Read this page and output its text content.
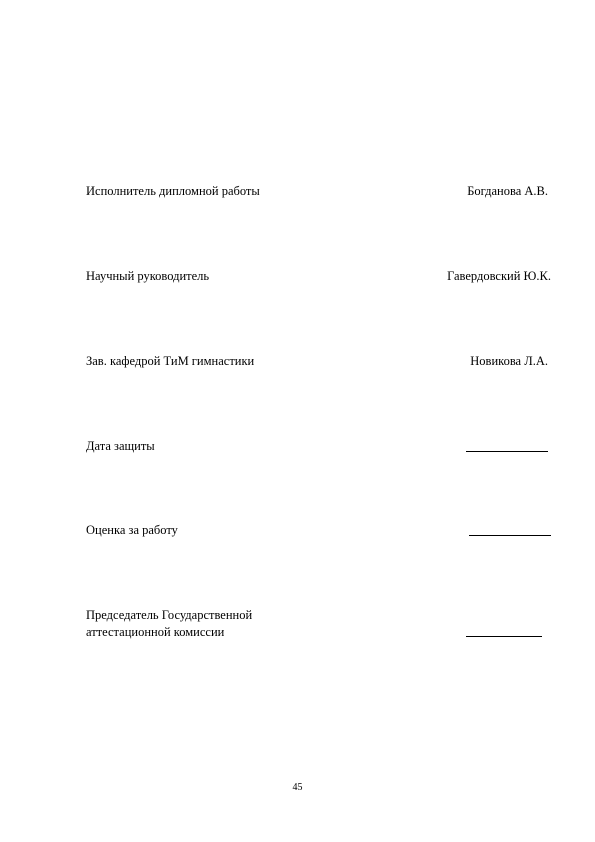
Исполнитель дипломной работы	Богданова А.В.
Научный руководитель	Гавердовский Ю.К.
Зав. кафедрой ТиМ гимнастики	Новикова Л.А.
Дата защиты
Оценка за работу
Председатель Государственной
аттестационной комиссии
45
